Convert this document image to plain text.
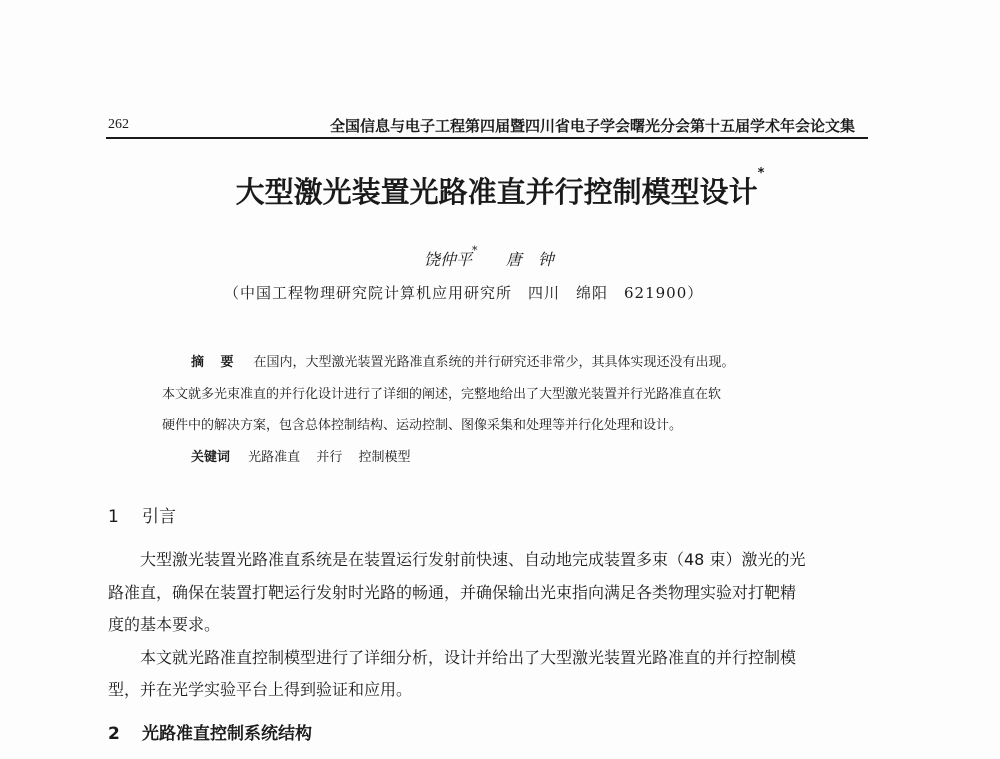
262	全国信息与电子工程第四届暨四川省电子学会曙光分会第十五届学术年会论文集
大型激光装置光路准直并行控制模型设计*
饶仲平* 唐　钟
（中国工程物理研究院计算机应用研究所　四川　绵阳　621900）
摘 要 在国内，大型激光装置光路准直系统的并行研究还非常少，其具体实现还没有出现。
本文就多光束准直的并行化设计进行了详细的阐述，完整地给出了大型激光装置并行光路准直在软
硬件中的解决方案，包含总体控制结构、运动控制、图像采集和处理等并行化处理和设计。
关键词 光路准直 并行 控制模型
1 引言
大型激光装置光路准直系统是在装置运行发射前快速、自动地完成装置多束（48 束）激光的光
路准直，确保在装置打靶运行发射时光路的畅通，并确保输出光束指向满足各类物理实验对打靶精
度的基本要求。
本文就光路准直控制模型进行了详细分析，设计并给出了大型激光装置光路准直的并行控制模
型，并在光学实验平台上得到验证和应用。
2 光路准直控制系统结构
